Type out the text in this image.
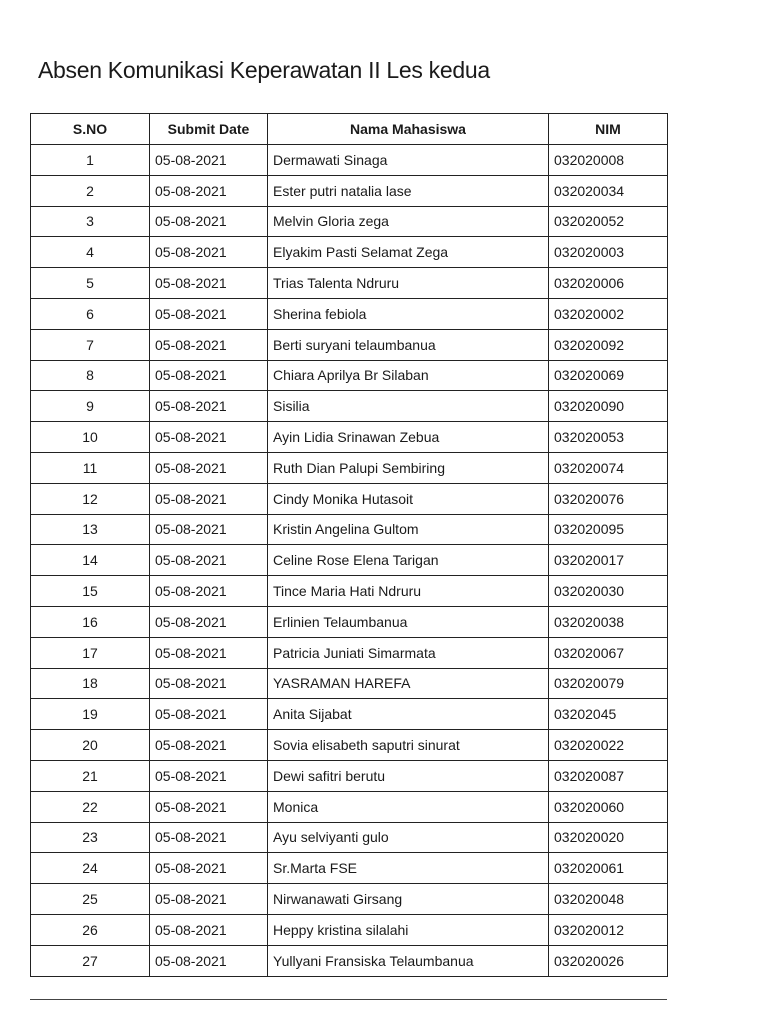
Absen Komunikasi Keperawatan II Les kedua
S.NO	Submit Date	Nama Mahasiswa	NIM
1	05-08-2021	Dermawati Sinaga	032020008
2	05-08-2021	Ester putri natalia lase	032020034
3	05-08-2021	Melvin Gloria zega	032020052
4	05-08-2021	Elyakim Pasti Selamat Zega	032020003
5	05-08-2021	Trias Talenta Ndruru	032020006
6	05-08-2021	Sherina febiola	032020002
7	05-08-2021	Berti suryani telaumbanua	032020092
8	05-08-2021	Chiara Aprilya Br Silaban	032020069
9	05-08-2021	Sisilia	032020090
10	05-08-2021	Ayin Lidia Srinawan Zebua	032020053
11	05-08-2021	Ruth Dian Palupi Sembiring	032020074
12	05-08-2021	Cindy Monika Hutasoit	032020076
13	05-08-2021	Kristin Angelina Gultom	032020095
14	05-08-2021	Celine Rose Elena Tarigan	032020017
15	05-08-2021	Tince Maria Hati Ndruru	032020030
16	05-08-2021	Erlinien Telaumbanua	032020038
17	05-08-2021	Patricia Juniati Simarmata	032020067
18	05-08-2021	YASRAMAN HAREFA	032020079
19	05-08-2021	Anita Sijabat	03202045
20	05-08-2021	Sovia elisabeth saputri sinurat	032020022
21	05-08-2021	Dewi safitri berutu	032020087
22	05-08-2021	Monica	032020060
23	05-08-2021	Ayu selviyanti gulo	032020020
24	05-08-2021	Sr.Marta FSE	032020061
25	05-08-2021	Nirwanawati Girsang	032020048
26	05-08-2021	Heppy kristina silalahi	032020012
27	05-08-2021	Yullyani Fransiska Telaumbanua	032020026
